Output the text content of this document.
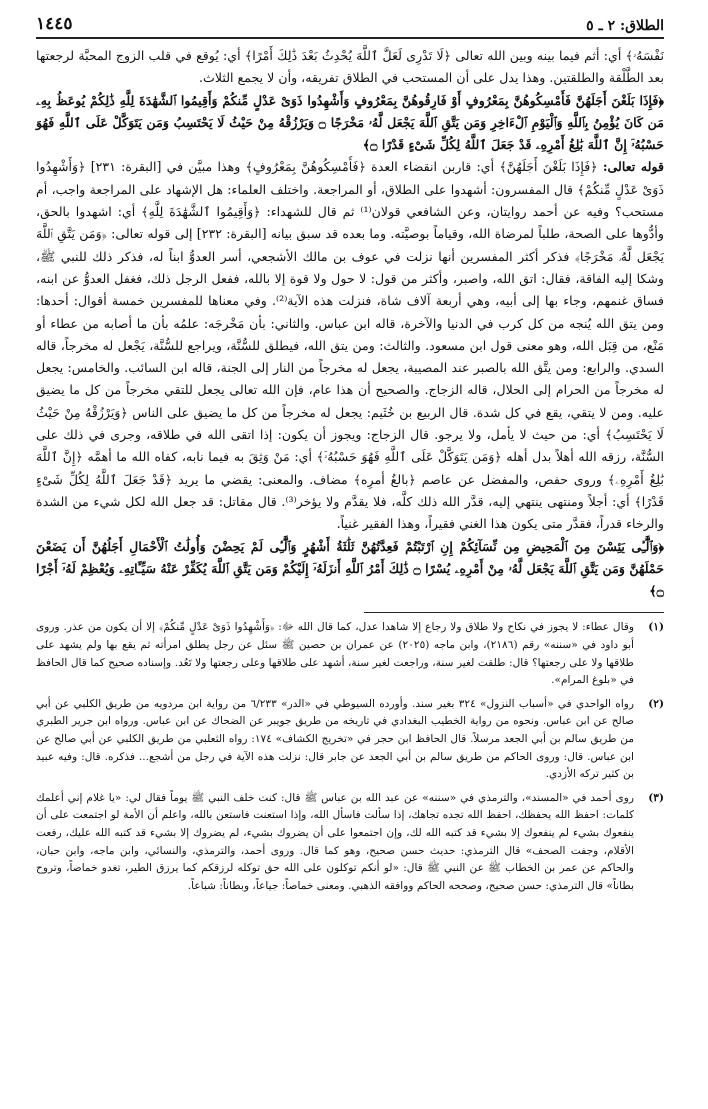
الطلاق: ٢ ـ ٥
١٤٤٥

نَفْسَهُۥ﴾ أي: أثم فيما بينه وبين الله تعالى ﴿لَا تَدْرِى لَعَلَّ ٱللَّهَ يُحْدِثُ بَعْدَ ذَٰلِكَ أَمْرًا﴾ أي: يُوقع في قلب الزوج المحبَّة لرجعتها بعد الطَّلْقة والطلقتين. وهذا يدل على أن المستحب في الطلاق تفريقه، وأن لا يجمع الثلاث.

﴿فَإِذَا بَلَغْنَ أَجَلَهُنَّ فَأَمْسِكُوهُنَّ بِمَعْرُوفٍ أَوْ فَارِقُوهُنَّ بِمَعْرُوفٍ وَأَشْهِدُوا ذَوَىْ عَدْلٍ مِّنكُمْ وَأَقِيمُوا ٱلشَّهَٰدَةَ لِلَّهِ ذَٰلِكُمْ يُوعَظُ بِهِۦ مَن كَانَ يُؤْمِنُ بِٱللَّهِ وَٱلْيَوْمِ ٱلْءَاخِرِ وَمَن يَتَّقِ ٱللَّهَ يَجْعَل لَّهُۥ مَخْرَجًا ۝ وَيَرْزُقْهُ مِنْ حَيْثُ لَا يَحْتَسِبُ وَمَن يَتَوَكَّلْ عَلَى ٱللَّهِ فَهُوَ حَسْبُهُۥٓ إِنَّ ٱللَّهَ بَٰلِغُ أَمْرِهِۦ قَدْ جَعَلَ ٱللَّهُ لِكُلِّ شَىْءٍ قَدْرًا ۝﴾

قوله تعالى: ﴿فَإِذَا بَلَغْنَ أَجَلَهُنَّ﴾ أي: قاربن انقضاء العدة ﴿فَأَمْسِكُوهُنَّ بِمَعْرُوفٍ﴾ وهذا مبيَّن في [البقرة: ٢٣١] ﴿وَأَشْهِدُوا ذَوَىْ عَدْلٍ مِّنكُمْ﴾ قال المفسرون: أشهدوا على الطلاق، أو المراجعة. واختلف العلماء: هل الإشهاد على المراجعة واجب، أم مستحب؟ وفيه عن أحمد روايتان، وعن الشافعي قولان⁽¹⁾ ثم قال للشهداء: ﴿وَأَقِيمُوا ٱلشَّهَٰدَةَ لِلَّهِ﴾ أي: اشهدوا بالحق، وأدُّوها على الصحة، طلباً لمرضاة الله، وقياماً بوصيَّته. وما بعده قد سبق بيانه [البقرة: ٢٣٢] إلى قوله تعالى: ﴿وَمَن يَتَّقِ ٱللَّهَ يَجْعَل لَّهُۥ مَخْرَجًا﴾ فذكر أكثر المفسرين أنها نزلت في عوف بن مالك الأشجعي، أسر العدوُّ ابناً له، فذكر ذلك للنبي ﷺ، وشكا إليه الفاقة، فقال: اتق الله، واصبر، وأكثر من قول: لا حول ولا قوة إلا بالله، ففعل الرجل ذلك، فغفل العدوُّ عن ابنه، فساق غنمهم، وجاء بها إلى أبيه، وهي أربعة آلاف شاة، فنزلت هذه الآية⁽²⁾. وفي معناها للمفسرين خمسة أقوال: أحدها: ومن يتق الله يُنجه من كل كرب في الدنيا والآخرة، قاله ابن عباس. والثاني: بأن مَخْرجَه: علمُه بأن ما أصابه من عطاء أو مَنْع، من قِبَل الله، وهو معنى قول ابن مسعود. والثالث: ومن يتق الله، فيطلق للسُّنَّة، ويراجع للسُّنَّة، يَجْعل له مخرجاً، قاله السدي. والرابع: ومن يتَّق الله بالصبر عند المصيبة، يجعل له مخرجاً من النار إلى الجنة، قاله ابن السائب. والخامس: يجعل له مخرجاً من الحرام إلى الحلال، قاله الزجاج. والصحيح أن هذا عام، فإن الله تعالى يجعل للتقي مخرجاً من كل ما يضيق عليه. ومن لا يتقي، يقع في كل شدة. قال الربيع بن خُثَيم: يجعل له مخرجاً من كل ما يضيق على الناس ﴿وَيَرْزُقْهُ مِنْ حَيْثُ لَا يَحْتَسِبُ﴾ أي: من حيث لا يأمل، ولا يرجو. قال الزجاج: ويجوز أن يكون: إذا اتقى الله في طلاقه، وجرى في ذلك على السُّنَّة، رزقه الله أهلاً بدل أهله ﴿وَمَن يَتَوَكَّلْ عَلَى ٱللَّهِ فَهُوَ حَسْبُهُۥٓ﴾ أي: مَنْ وَثِقَ به فيما نابه، كفاه الله ما أهمَّه ﴿إِنَّ ٱللَّهَ بَٰلِغُ أَمْرِهِۦ﴾ وروى حفص، والمفضل عن عاصم ﴿بالغُ أمرِه﴾ مضاف. والمعنى: يقضي ما يريد ﴿قَدْ جَعَلَ ٱللَّهُ لِكُلِّ شَىْءٍ قَدْرًا﴾ أي: أجلاً ومنتهى ينتهي إليه، قدَّر الله ذلك كلَّه، فلا يقدَّم ولا يؤخر⁽³⁾. قال مقاتل: قد جعل الله لكل شيء من الشدة والرخاء قدراً، فقدَّر متى يكون هذا الغني فقيراً، وهذا الفقير غنياً.

﴿وَٱلَّٰٓـِٔى يَئِسْنَ مِنَ ٱلْمَحِيضِ مِن نِّسَآئِكُمْ إِنِ ٱرْتَبْتُمْ فَعِدَّتُهُنَّ ثَلَٰثَةُ أَشْهُرٍ وَٱلَّٰٓـِٔى لَمْ يَحِضْنَ وَأُولَٰتُ ٱلْأَحْمَالِ أَجَلُهُنَّ أَن يَضَعْنَ حَمْلَهُنَّ وَمَن يَتَّقِ ٱللَّهَ يَجْعَل لَّهُۥ مِنْ أَمْرِهِۦ يُسْرًا ۝ ذَٰلِكَ أَمْرُ ٱللَّهِ أَنزَلَهُۥٓ إِلَيْكُمْ وَمَن يَتَّقِ ٱللَّهَ يُكَفِّرْ عَنْهُ سَيِّـَٔاتِهِۦ وَيُعْظِمْ لَهُۥٓ أَجْرًا ۝﴾

(١)
وقال عطاء: لا يجوز في نكاح ولا طلاق ولا رجاع إلا شاهدا عدل، كما قال الله ﷻ: ﴿وَأَشْهِدُوا ذَوَىْ عَدْلٍ مِّنكُمْ﴾ إلا أن يكون من عذر. وروى أبو داود في «سننه» رقم (٢١٨٦)، وابن ماجه (٢٠٢٥) عن عمران بن حصين ﷺ سئل عن رجل يطلق امرأته ثم يقع بها ولم يشهد على طلاقها ولا على رجعتها؟ قال: طلقت لغير سنة، وراجعت لغير سنة، أشهد على طلاقها وعلى رجعتها ولا تَعُد. وإسناده صحيح كما قال الحافظ في «بلوغ المرام».
(٢)
رواه الواحدي في «أسباب النزول» ٣٢٤ بغير سند. وأورده السيوطي في «الدر» ٦/٢٣٣ من رواية ابن مردويه من طريق الكلبي عن أبي صالح عن ابن عباس. ونحوه من رواية الخطيب البغدادي في تاريخه من طريق جويبر عن الضحاك عن ابن عباس. ورواه ابن جرير الطبري من طريق سالم بن أبي الجعد مرسلاً. قال الحافظ ابن حجر في «تخريج الكشاف» ١٧٤: رواه الثعلبي من طريق الكلبي عن أبي صالح عن ابن عباس. قال: وروى الحاكم من طريق سالم بن أبي الجعد عن جابر قال: نزلت هذه الآية في رجل من أشجع... فذكره. قال: وفيه عبيد بن كثير تركه الأزدي.
(٣)
روى أحمد في «المسند»، والترمذي في «سننه» عن عبد الله بن عباس ﷺ قال: كنت خلف النبي ﷺ يوماً فقال لي: «يا غلام إني أعلمك كلمات: احفظ الله يحفظك، احفظ الله تجده تجاهك، إذا سألت فاسأل الله، وإذا استعنت فاستعن بالله، واعلم أن الأمة لو اجتمعت على أن ينفعوك بشيء لم ينفعوك إلا بشيء قد كتبه الله لك، وإن اجتمعوا على أن يضروك بشيء، لم يضروك إلا بشيء قد كتبه الله عليك، رفعت الأقلام، وجفت الصحف» قال الترمذي: حديث حسن صحيح، وهو كما قال. وروى أحمد، والترمذي، والنسائي، وابن ماجه، وابن حبان، والحاكم عن عمر بن الخطاب ﷺ عن النبي ﷺ قال: «لو أنكم توكلون على الله حق توكله لرزقكم كما يرزق الطير، تغدو خماصاً، وتروح بطاناً» قال الترمذي: حسن صحيح، وصححه الحاكم ووافقه الذهبي. ومعنى خماصاً: جياعاً، وبطاناً: شباعاً.
